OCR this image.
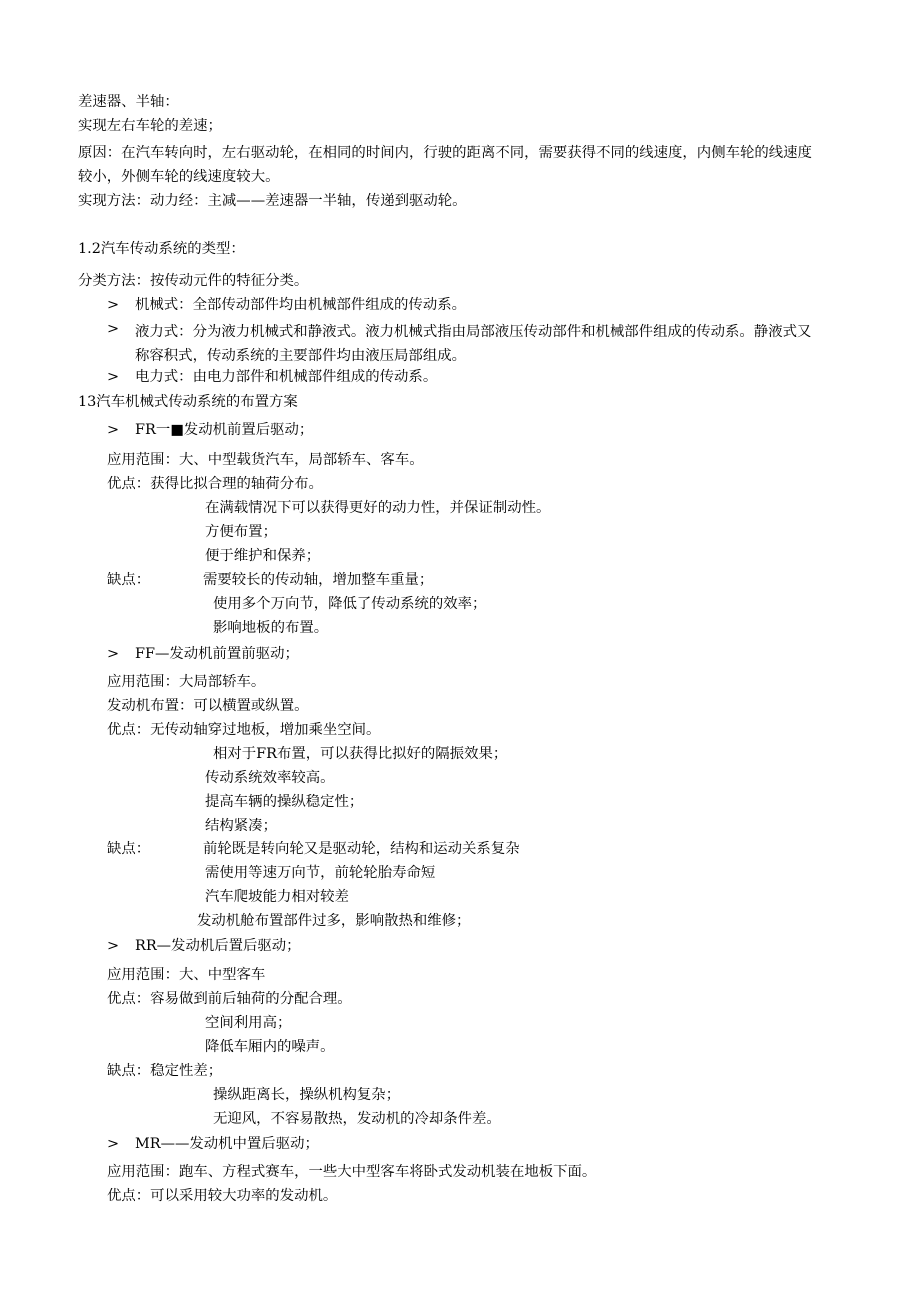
差速器、半轴：
实现左右车轮的差速；
原因：在汽车转向时，左右驱动轮，在相同的时间内，行驶的距离不同，需要获得不同的线速度，内侧车轮的线速度较小，外侧车轮的线速度较大。
实现方法：动力经：主减——差速器一半轴，传递到驱动轮。
1.2汽车传动系统的类型：
分类方法：按传动元件的特征分类。
> 机械式：全部传动部件均由机械部件组成的传动系。
>	液力式：分为液力机械式和静液式。液力机械式指由局部液压传动部件和机械部件组成的传动系。静液式又称容积式，传动系统的主要部件均由液压局部组成。
> 电力式：由电力部件和机械部件组成的传动系。
13汽车机械式传动系统的布置方案
> FR一■发动机前置后驱动；
应用范围：大、中型载货汽车，局部轿车、客车。
优点：获得比拟合理的轴荷分布。
在满载情况下可以获得更好的动力性，并保证制动性。
方便布置；
便于维护和保养；
缺点：	需要较长的传动轴，增加整车重量；
使用多个万向节，降低了传动系统的效率；
影响地板的布置。
> FF—发动机前置前驱动；
应用范围：大局部轿车。
发动机布置：可以横置或纵置。
优点：无传动轴穿过地板，增加乘坐空间。
相对于FR布置，可以获得比拟好的隔振效果；
传动系统效率较高。
提高车辆的操纵稳定性；
结构紧凑；
缺点：	前轮既是转向轮又是驱动轮，结构和运动关系复杂
需使用等速万向节，前轮轮胎寿命短
汽车爬坡能力相对较差
发动机舱布置部件过多，影响散热和维修；
> RR—发动机后置后驱动；
应用范围：大、中型客车
优点：容易做到前后轴荷的分配合理。
空间利用高；
降低车厢内的噪声。
缺点：稳定性差；
操纵距离长，操纵机构复杂；
无迎风，不容易散热，发动机的冷却条件差。
> MR——发动机中置后驱动；
应用范围：跑车、方程式赛车，一些大中型客车将卧式发动机装在地板下面。
优点：可以采用较大功率的发动机。
